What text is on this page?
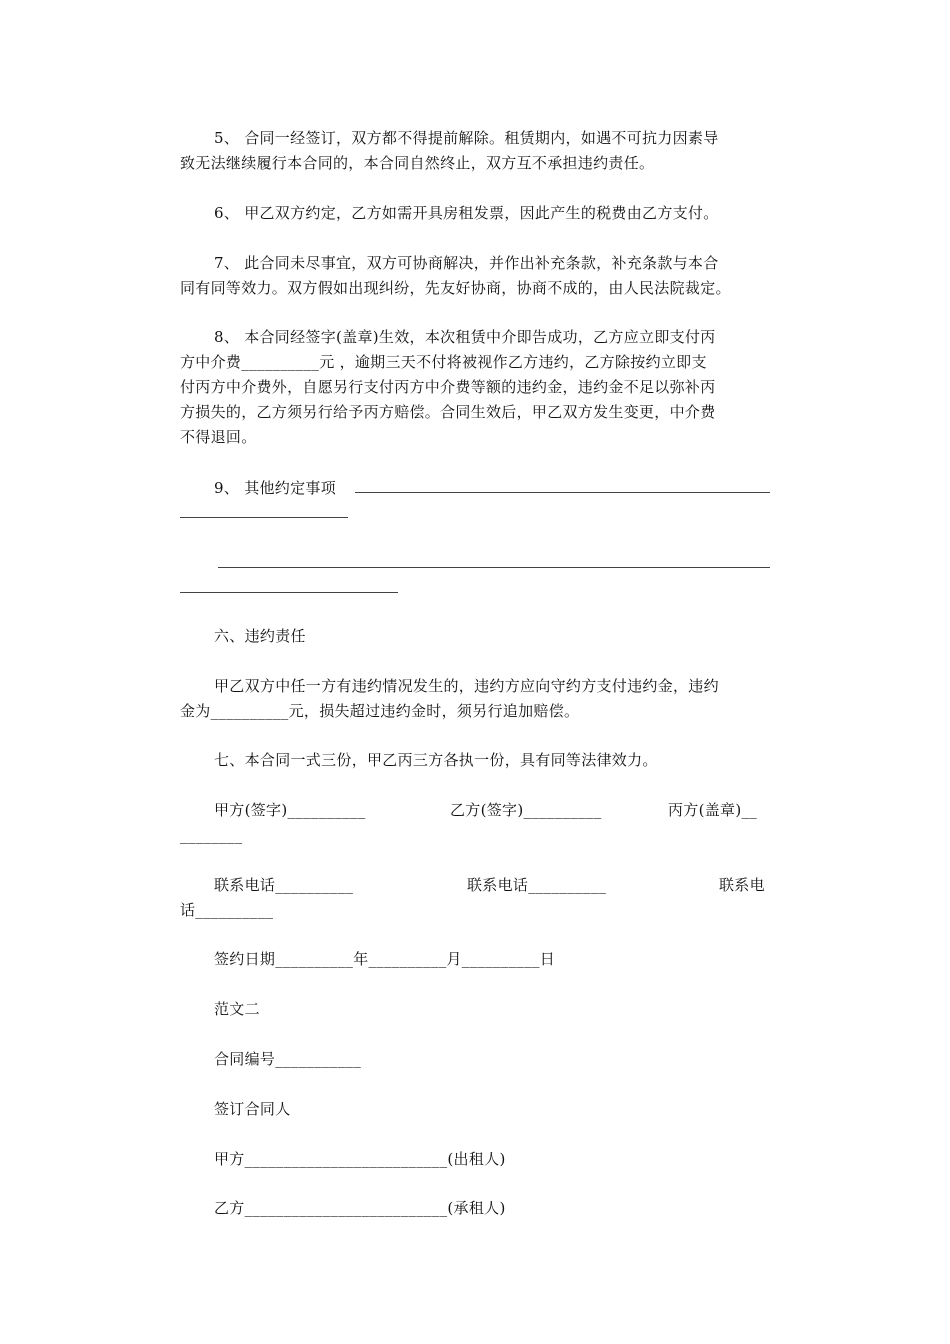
5、 合同一经签订，双方都不得提前解除。租赁期内，如遇不可抗力因素导
致无法继续履行本合同的，本合同自然终止，双方互不承担违约责任。
6、 甲乙双方约定，乙方如需开具房租发票，因此产生的税费由乙方支付。
7、 此合同未尽事宜，双方可协商解决，并作出补充条款，补充条款与本合
同有同等效力。双方假如出现纠纷，先友好协商，协商不成的，由人民法院裁定。
8、 本合同经签字(盖章)生效，本次租赁中介即告成功，乙方应立即支付丙
方中介费__________元 ，逾期三天不付将被视作乙方违约，乙方除按约立即支
付丙方中介费外，自愿另行支付丙方中介费等额的违约金，违约金不足以弥补丙
方损失的，乙方须另行给予丙方赔偿。合同生效后，甲乙双方发生变更，中介费
不得退回。
9、 其他约定事项
六、违约责任
甲乙双方中任一方有违约情况发生的，违约方应向守约方支付违约金，违约
金为__________元，损失超过违约金时，须另行追加赔偿。
七、本合同一式三份，甲乙丙三方各执一份，具有同等法律效力。
甲方(签字)__________	乙方(签字)__________	丙方(盖章)__
________
联系电话__________	联系电话__________	联系电
话__________
签约日期__________年__________月__________日
范文二
合同编号___________
签订合同人
甲方__________________________(出租人)
乙方__________________________(承租人)
